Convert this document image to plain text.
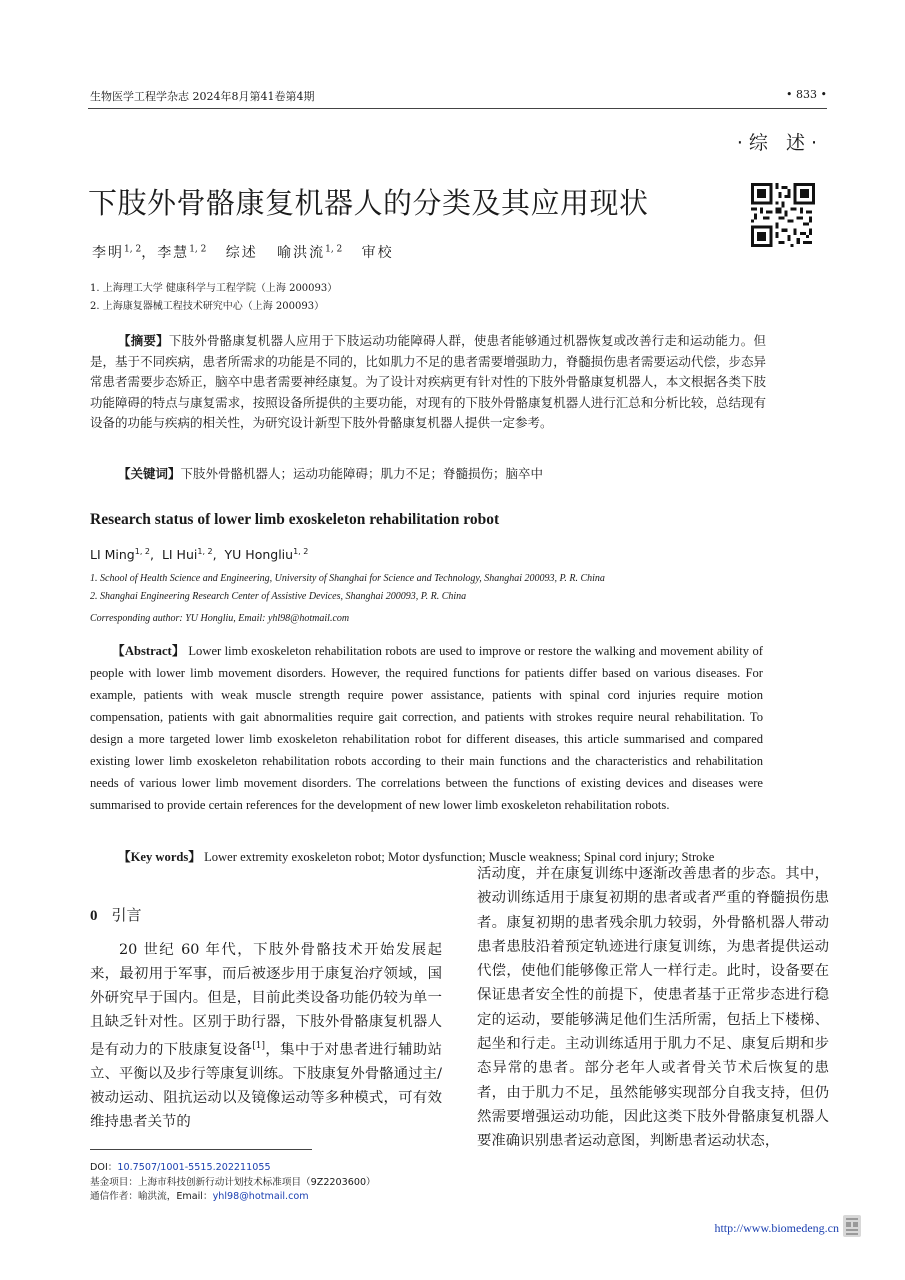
生物医学工程学杂志 2024年8月第41卷第4期	• 833 •
·综 述·
下肢外骨骼康复机器人的分类及其应用现状
李明$^{1, 2}$，李慧$^{1, 2}$ 综述 喻洪流$^{1, 2}$ 审校
1. 上海理工大学 健康科学与工程学院（上海 200093）
2. 上海康复器械工程技术研究中心（上海 200093）

【摘要】下肢外骨骼康复机器人应用于下肢运动功能障碍人群，使患者能够通过机器恢复或改善行走和运动能力。但是，基于不同疾病，患者所需求的功能是不同的，比如肌力不足的患者需要增强助力，脊髓损伤患者需要运动代偿，步态异常患者需要步态矫正，脑卒中患者需要神经康复。为了设计对疾病更有针对性的下肢外骨骼康复机器人，本文根据各类下肢功能障碍的特点与康复需求，按照设备所提供的主要功能，对现有的下肢外骨骼康复机器人进行汇总和分析比较，总结现有设备的功能与疾病的相关性，为研究设计新型下肢外骨骼康复机器人提供一定参考。

【关键词】下肢外骨骼机器人；运动功能障碍；肌力不足；脊髓损伤；脑卒中
Research status of lower limb exoskeleton rehabilitation robot
LI Ming$^{1, 2}$,  LI Hui$^{1, 2}$,  YU Hongliu$^{1, 2}$
1. School of Health Science and Engineering, University of Shanghai for Science and Technology, Shanghai 200093, P. R. China
2. Shanghai Engineering Research Center of Assistive Devices, Shanghai 200093, P. R. China
Corresponding author: YU Hongliu, Email: yhl98@hotmail.com

【Abstract】 Lower limb exoskeleton rehabilitation robots are used to improve or restore the walking and movement ability of people with lower limb movement disorders. However, the required functions for patients differ based on various diseases. For example, patients with weak muscle strength require power assistance, patients with spinal cord injuries require motion compensation, patients with gait abnormalities require gait correction, and patients with strokes require neural rehabilitation. To design a more targeted lower limb exoskeleton rehabilitation robot for different diseases, this article summarised and compared existing lower limb exoskeleton rehabilitation robots according to their main functions and the characteristics and rehabilitation needs of various lower limb movement disorders. The correlations between the functions of existing devices and diseases were summarised to provide certain references for the development of new lower limb exoskeleton rehabilitation robots.

【Key words】 Lower extremity exoskeleton robot; Motor dysfunction; Muscle weakness; Spinal cord injury; Stroke
0 引言

20 世纪 60 年代，下肢外骨骼技术开始发展起来，最初用于军事，而后被逐步用于康复治疗领域，国外研究早于国内。但是，目前此类设备功能仍较为单一且缺乏针对性。区别于助行器，下肢外骨骼康复机器人是有动力的下肢康复设备[1]，集中于对患者进行辅助站立、平衡以及步行等康复训练。下肢康复外骨骼通过主/被动运动、阻抗运动以及镜像运动等多种模式，可有效维持患者关节的

活动度，并在康复训练中逐渐改善患者的步态。其中，被动训练适用于康复初期的患者或者严重的脊髓损伤患者。康复初期的患者残余肌力较弱，外骨骼机器人带动患者患肢沿着预定轨迹进行康复训练，为患者提供运动代偿，使他们能够像正常人一样行走。此时，设备要在保证患者安全性的前提下，使患者基于正常步态进行稳定的运动，要能够满足他们生活所需，包括上下楼梯、起坐和行走。主动训练适用于肌力不足、康复后期和步态异常的患者。部分老年人或者骨关节术后恢复的患者，由于肌力不足，虽然能够实现部分自我支持，但仍然需要增强运动功能，因此这类下肢外骨骼康复机器人要准确识别患者运动意图，判断患者运动状态，

DOI：10.7507/1001-5515.202211055
基金项目：上海市科技创新行动计划技术标准项目（9Z2203600）
通信作者：喻洪流，Email：yhl98@hotmail.com
http://www.biomedeng.cn
